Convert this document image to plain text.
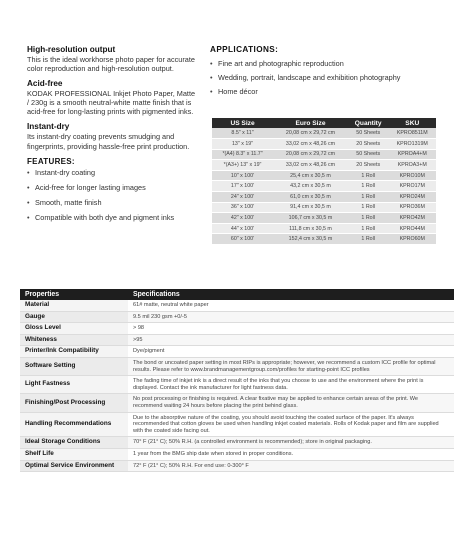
High-resolution output
This is the ideal workhorse photo paper for accurate color reproduction and high-resolution output.
Acid-free
KODAK PROFESSIONAL Inkjet Photo Paper, Matte / 230g is a smooth neutral-white matte finish that is acid-free for long-lasting prints with pigmented inks.
Instant-dry
Its instant-dry coating prevents smudging and fingerprints, providing hassle-free print production.
FEATURES:
• Instant-dry coating
• Acid-free for longer lasting images
• Smooth, matte finish
• Compatible with both dye and pigment inks
APPLICATIONS:
• Fine art and photographic reproduction
• Wedding, portrait, landscape and exhibition photography
• Home décor
US Size	Euro Size	Quantity	SKU
8.5" x 11"	20,08 cm x 29,72 cm	50 Sheets	KPRO8511M
13" x 19"	33,02 cm x 48,26 cm	20 Sheets	KPRO1319M
*(A4) 8.3" x 11.7"	20,08 cm x 29,72 cm	50 Sheets	KPROA4+M
*(A3+) 13" x 19"	33,02 cm x 48,26 cm	20 Sheets	KPROA3+M
10" x 100'	25,4 cm x 30,5 m	1 Roll	KPRO10M
17" x 100'	43,2 cm x 30,5 m	1 Roll	KPRO17M
24" x 100'	61,0 cm x 30,5 m	1 Roll	KPRO24M
36" x 100'	91,4 cm x 30,5 m	1 Roll	KPRO36M
42" x 100'	106,7 cm x 30,5 m	1 Roll	KPRO42M
44" x 100'	111,8 cm x 30,5 m	1 Roll	KPRO44M
60" x 100'	152,4 cm x 30,5 m	1 Roll	KPRO60M
Properties	Specifications
Material	61# matte, neutral white paper
Gauge	9.5 mil 230 gsm +0/-5
Gloss Level	> 98
Whiteness	>95
Printer/Ink Compatibility	Dye/pigment
Software Setting	The bond or uncoated paper setting in most RIPs is appropriate; however, we recommend a custom ICC profile for optimal results. Please refer to www.brandmanagementgroup.com/profiles for starting-point ICC profiles
Light Fastness	The fading time of inkjet ink is a direct result of the inks that you choose to use and the environment where the print is displayed. Contact the ink manufacturer for light fastness data.
Finishing/Post Processing	No post processing or finishing is required. A clear fixative may be applied to enhance certain areas of the print. We recommend waiting 24 hours before placing the print behind glass.
Handling Recommendations	Due to the absorptive nature of the coating, you should avoid touching the coated surface of the paper. It's always recommended that cotton gloves be used when handling inkjet coated materials. Rolls of Kodak paper and film are supplied with the coated side facing out.
Ideal Storage Conditions	70° F (21° C); 50% R.H. (a controlled environment is recommended); store in original packaging.
Shelf Life	1 year from the BMG ship date when stored in proper conditions.
Optimal Service Environment	72° F (21° C); 50% R.H. For end use: 0-300° F
